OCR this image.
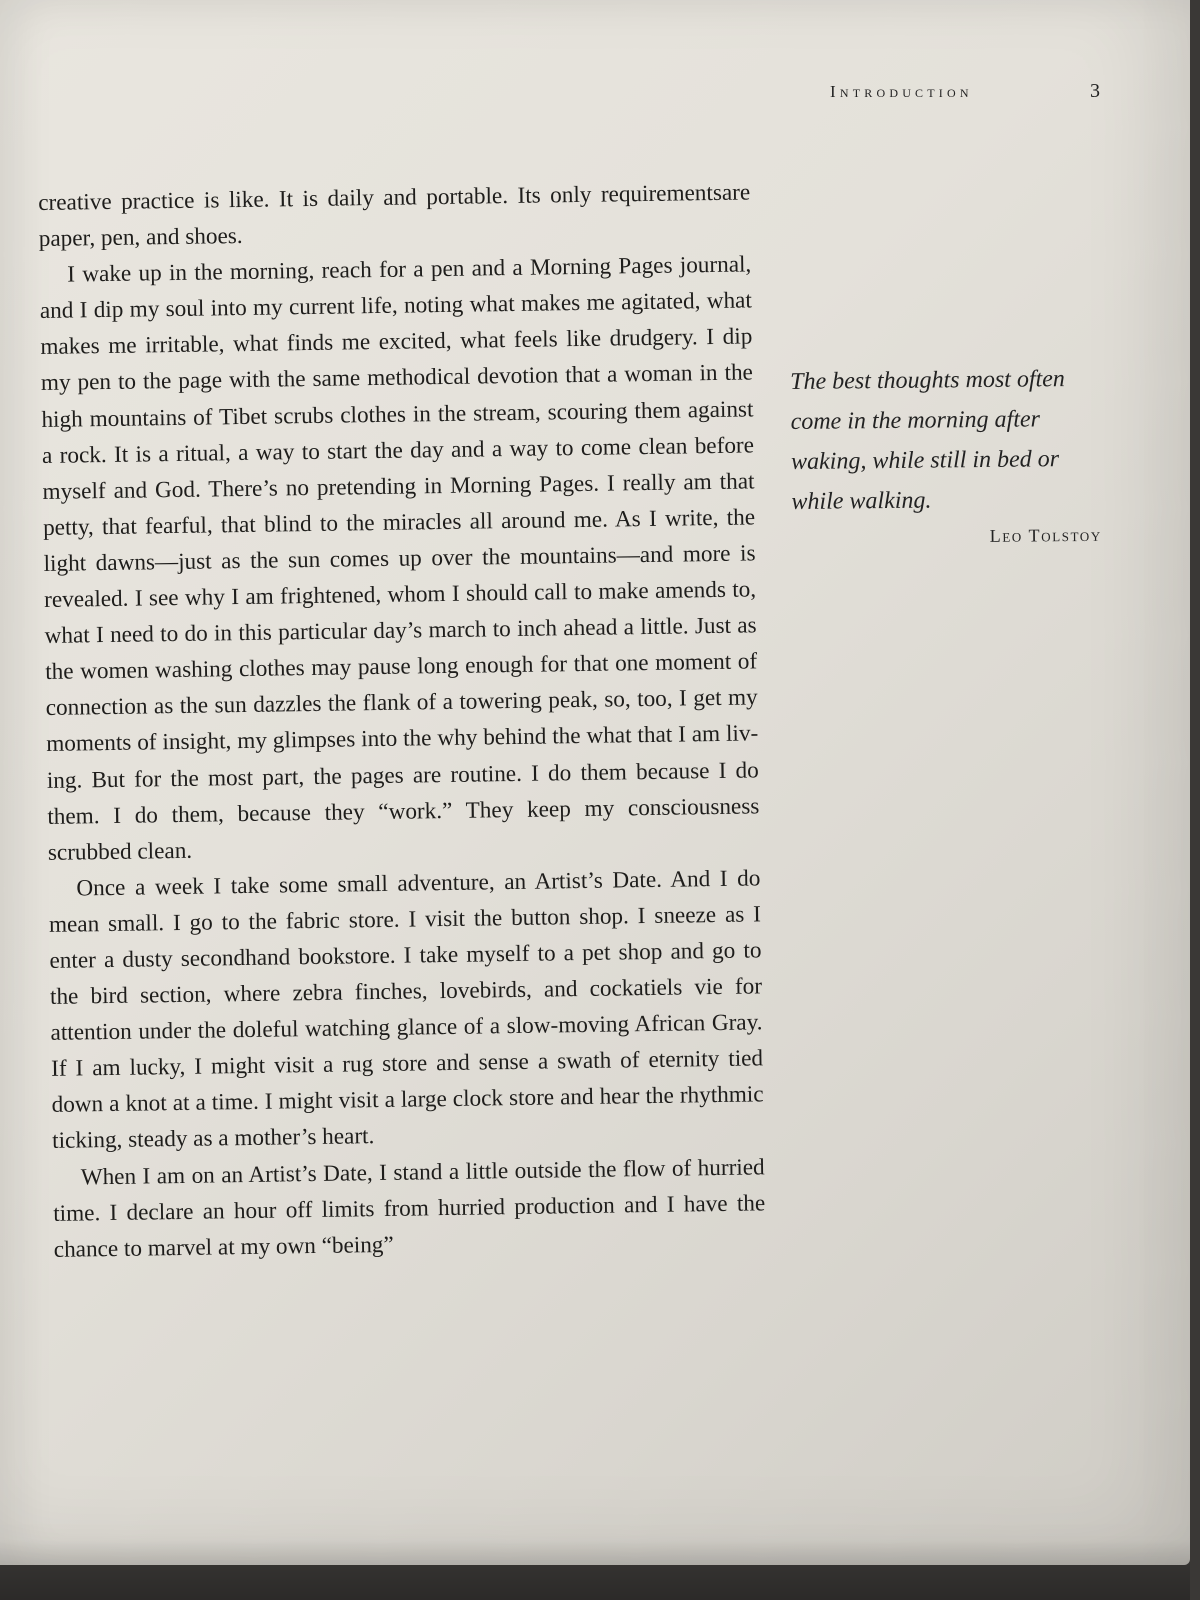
Introduction	3

creative practice is like. It is daily and portable. Its only requirementsare paper, pen, and shoes.

I wake up in the morning, reach for a pen and a Morning Pages journal, and I dip my soul into my current life, noting what makes me agitated, what makes me irritable, what finds me excited, what feels like drudgery. I dip my pen to the page with the same methodical devotion that a woman in the high mountains of Tibet scrubs clothes in the stream, scouring them against a rock. It is a ritual, a way to start the day and a way to come clean before myself and God. There’s no pretending in Morning Pages. I really am that petty, that fearful, that blind to the miracles all around me. As I write, the light dawns—just as the sun comes up over the mountains—and more is revealed. I see why I am frightened, whom I should call to make amends to, what I need to do in this particular day’s march to inch ahead a little. Just as the women washing clothes may pause long enough for that one moment of connection as the sun dazzles the flank of a towering peak, so, too, I get my moments of insight, my glimpses into the why behind the what that I am living. But for the most part, the pages are routine. I do them because I do them. I do them, because they “work.” They keep my consciousness scrubbed clean.

Once a week I take some small adventure, an Artist’s Date. And I do mean small. I go to the fabric store. I visit the button shop. I sneeze as I enter a dusty secondhand bookstore. I take myself to a pet shop and go to the bird section, where zebra finches, lovebirds, and cockatiels vie for attention under the doleful watching glance of a slow-moving African Gray. If I am lucky, I might visit a rug store and sense a swath of eternity tied down a knot at a time. I might visit a large clock store and hear the rhythmic ticking, steady as a mother’s heart.

When I am on an Artist’s Date, I stand a little outside the flow of hurried time. I declare an hour off limits from hurried production and I have the chance to marvel at my own “being”

The best thoughts most often come in the morning after waking, while still in bed or while walking.

Leo Tolstoy
